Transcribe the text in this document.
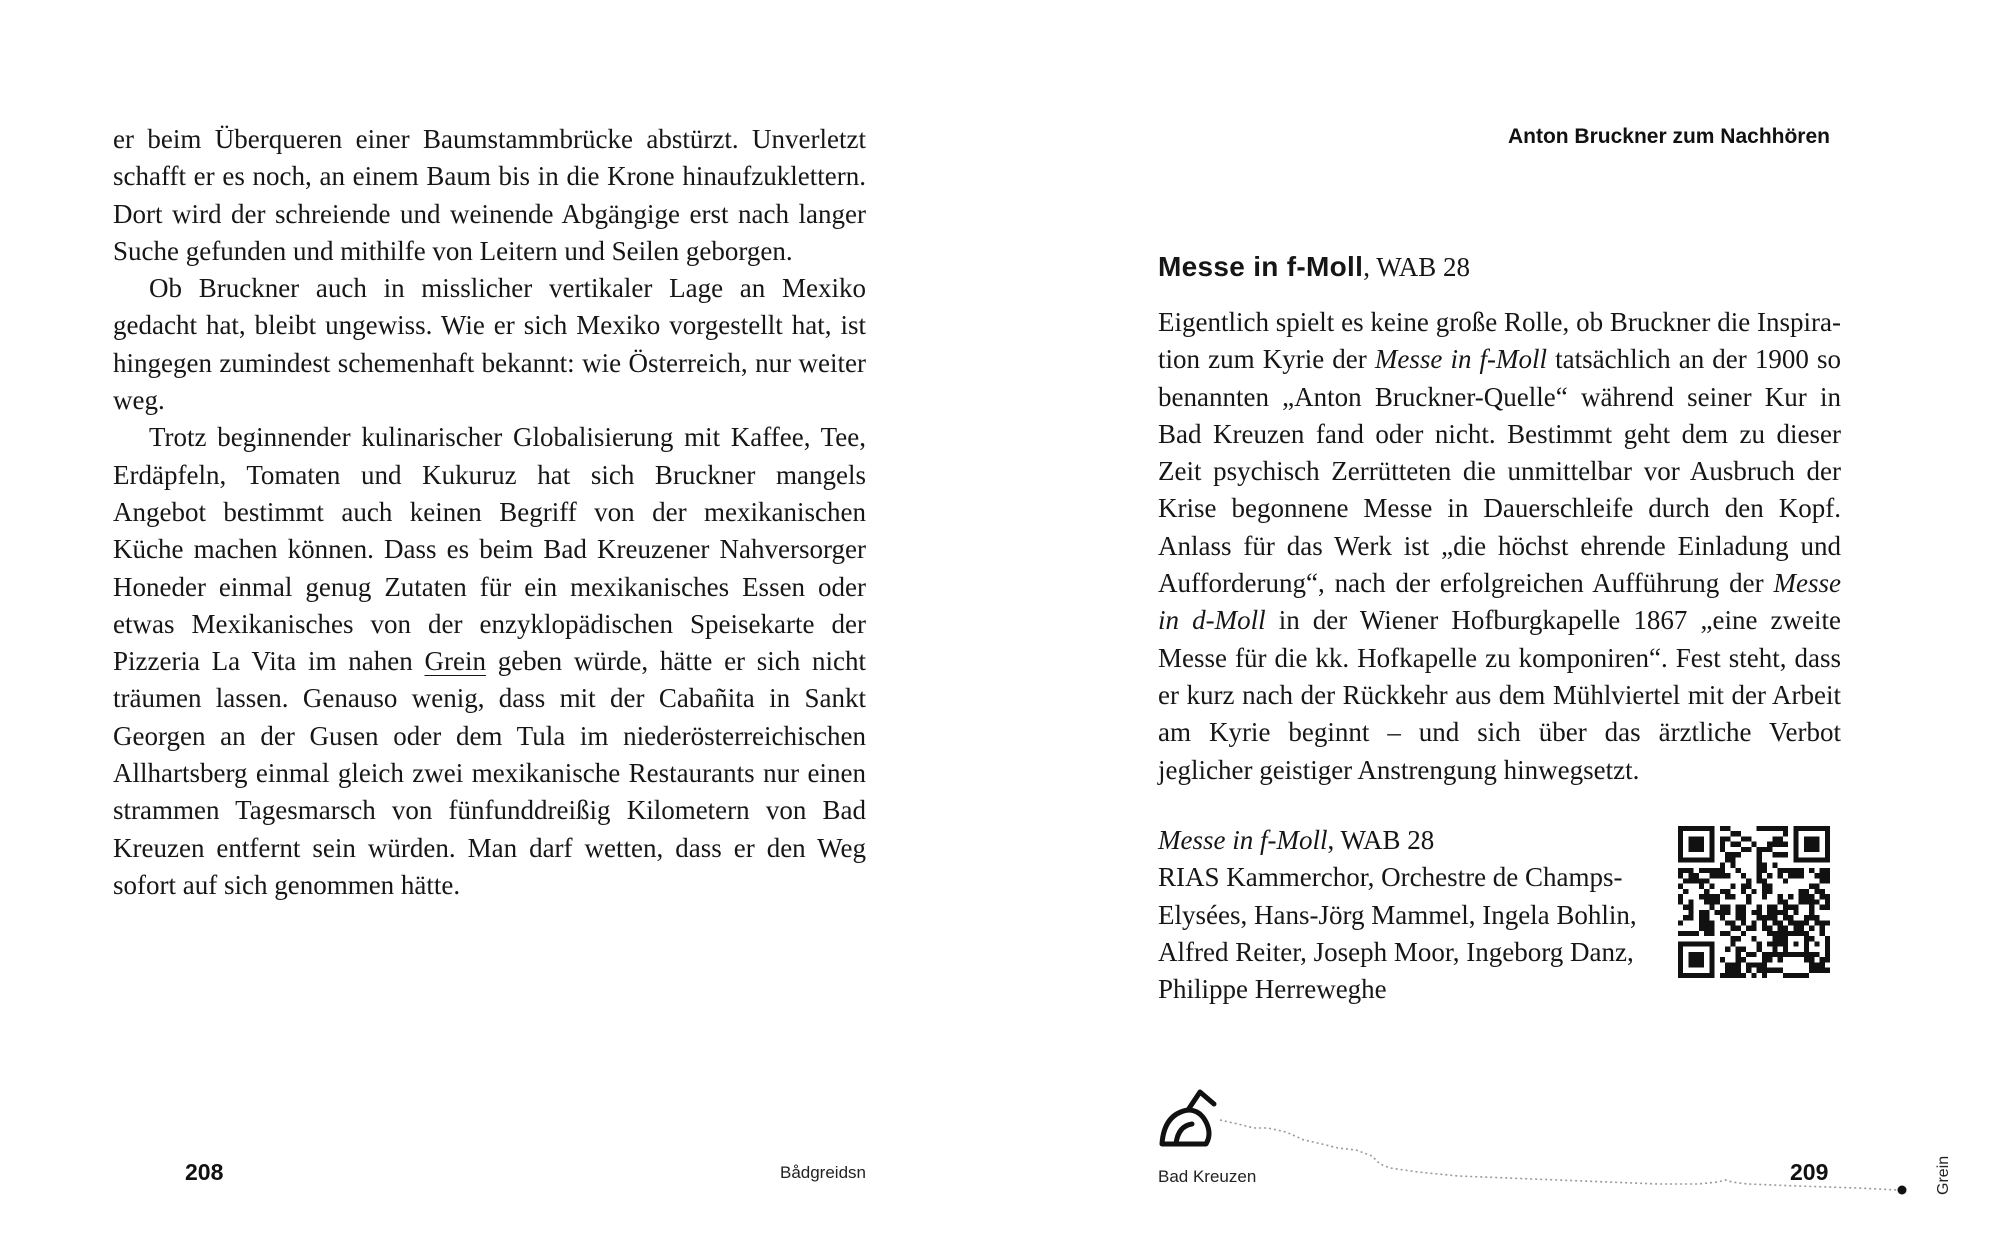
er beim Überqueren einer Baumstammbrücke abstürzt. Unverletzt schafft er es noch, an einem Baum bis in die Krone hinaufzuklettern. Dort wird der schreiende und weinende Abgängige erst nach langer Suche gefunden und mithilfe von Leitern und Seilen geborgen.

Ob Bruckner auch in misslicher vertikaler Lage an Mexiko gedacht hat, bleibt ungewiss. Wie er sich Mexiko vorgestellt hat, ist hingegen zumindest schemenhaft bekannt: wie Österreich, nur weiter weg.

Trotz beginnender kulinarischer Globalisierung mit Kaffee, Tee, Erdäpfeln, Tomaten und Kukuruz hat sich Bruckner mangels Angebot bestimmt auch keinen Begriff von der mexikanischen Küche machen können. Dass es beim Bad Kreuzener Nahversorger Honeder einmal genug Zutaten für ein mexikanisches Essen oder etwas Mexikanisches von der enzyklopädischen Speisekarte der Pizzeria La Vita im nahen Grein geben würde, hätte er sich nicht träumen lassen. Genauso wenig, dass mit der Cabañita in Sankt Georgen an der Gusen oder dem Tula im niederösterreichischen Allhartsberg einmal gleich zwei mexikanische Restaurants nur einen strammen Tagesmarsch von fünfunddreißig Kilometern von Bad Kreuzen entfernt sein würden. Man darf wetten, dass er den Weg sofort auf sich genommen hätte.

208	Bådgreidsn
Anton Bruckner zum Nachhören
Messe in f-Moll, WAB 28

Eigentlich spielt es keine große Rolle, ob Bruckner die Inspiration zum Kyrie der Messe in f-Moll tatsächlich an der 1900 so benannten „Anton Bruckner-Quelle“ während seiner Kur in Bad Kreuzen fand oder nicht. Bestimmt geht dem zu dieser Zeit psychisch Zerrütteten die unmittelbar vor Ausbruch der Krise begonnene Messe in Dauerschleife durch den Kopf. Anlass für das Werk ist „die höchst ehrende Einladung und Aufforderung“, nach der erfolgreichen Aufführung der Messe in d-Moll in der Wiener Hofburgkapelle 1867 „eine zweite Messe für die kk. Hofkapelle zu komponiren“. Fest steht, dass er kurz nach der Rückkehr aus dem Mühlviertel mit der Arbeit am Kyrie beginnt – und sich über das ärztliche Verbot jeglicher geistiger Anstrengung hinwegsetzt.

Messe in f-Moll, WAB 28
RIAS Kammerchor, Orchestre de Champs-
Elysées, Hans-Jörg Mammel, Ingela Bohlin,
Alfred Reiter, Joseph Moor, Ingeborg Danz,
Philippe Herreweghe
Bad Kreuzen	209	Grein
